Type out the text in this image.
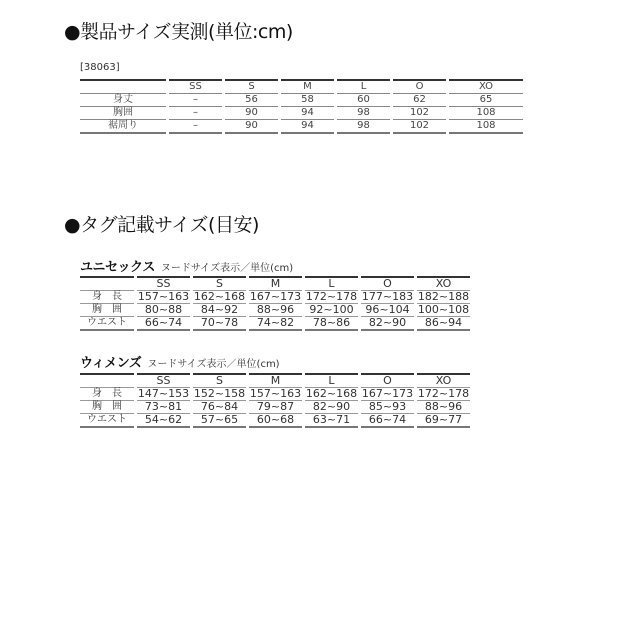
●製品サイズ実測(単位:cm)
[38063]
	SS	S	M	L	O	XO
身丈	–	56	58	60	62	65
胸囲	–	90	94	98	102	108
裾周り	–	90	94	98	102	108
●タグ記載サイズ(目安)
ユニセックス ヌードサイズ表示／単位(cm)
	SS	S	M	L	O	XO
身　長	157~163	162~168	167~173	172~178	177~183	182~188
胸　囲	80~88	84~92	88~96	92~100	96~104	100~108
ウエスト	66~74	70~78	74~82	78~86	82~90	86~94
ウィメンズ ヌードサイズ表示／単位(cm)
	SS	S	M	L	O	XO
身　長	147~153	152~158	157~163	162~168	167~173	172~178
胸　囲	73~81	76~84	79~87	82~90	85~93	88~96
ウエスト	54~62	57~65	60~68	63~71	66~74	69~77
